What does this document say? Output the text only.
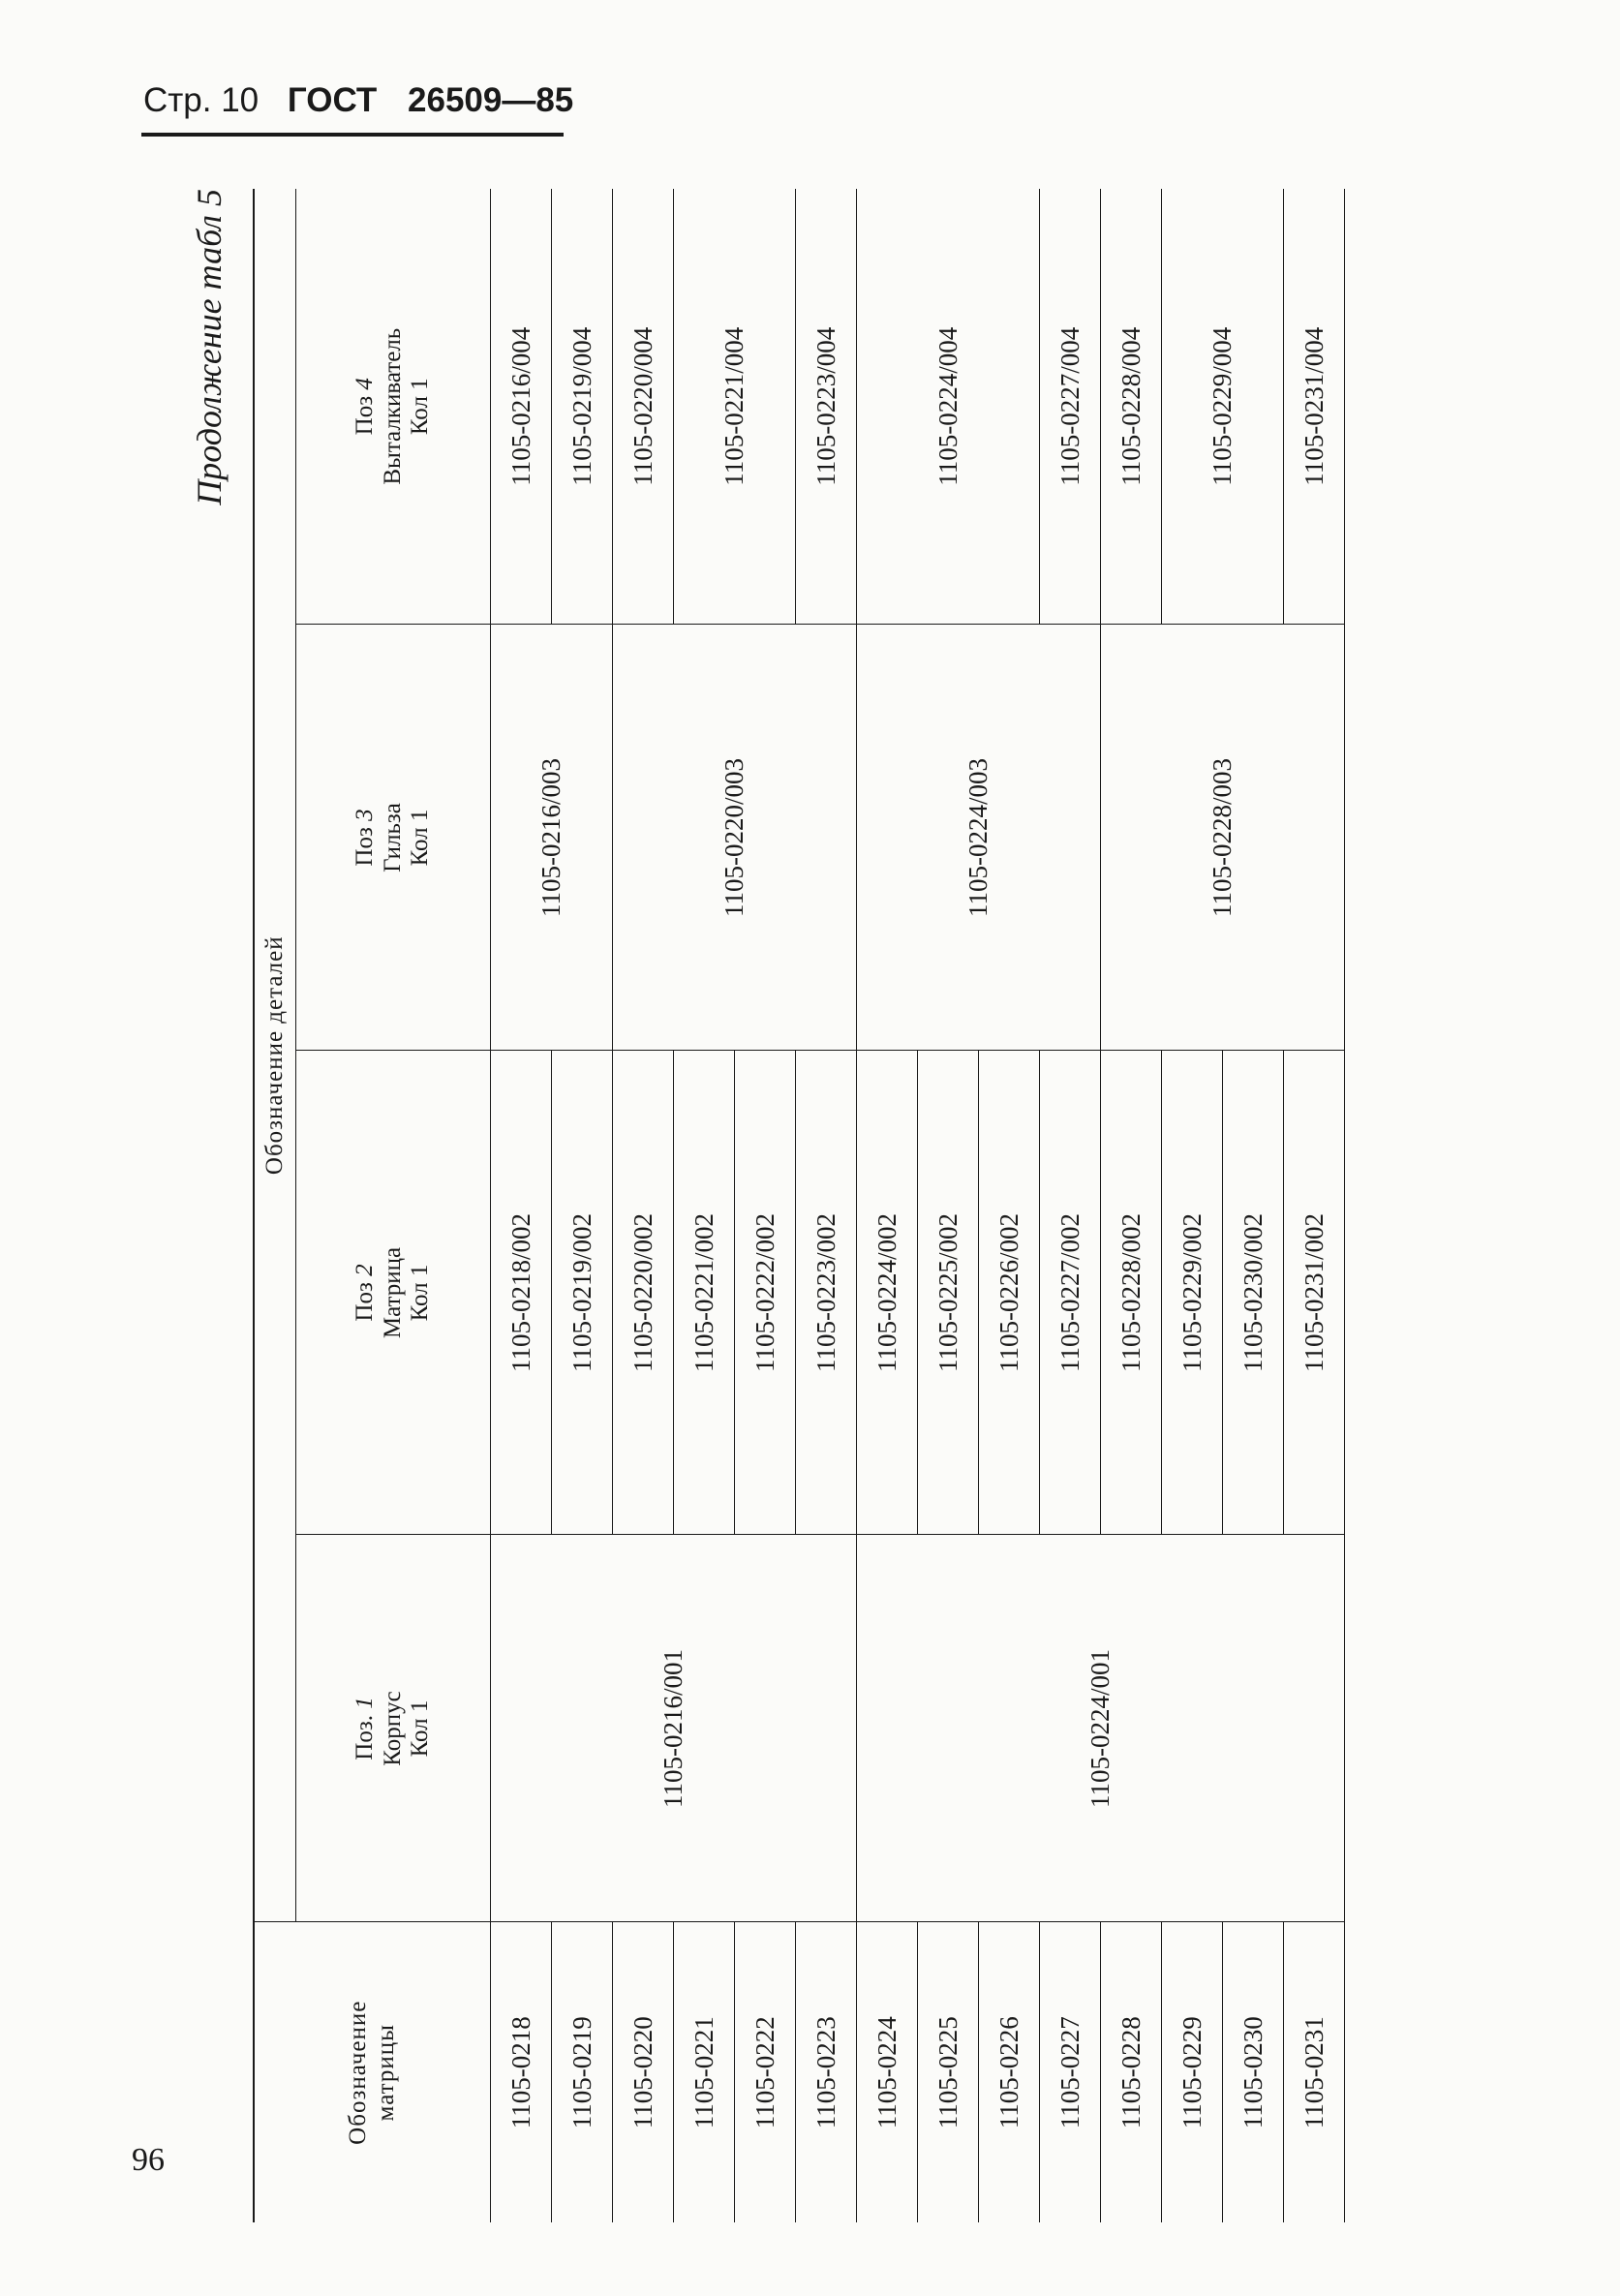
Стр. 10 ГОСТ 26509—85
Продолжение табл 5
Обозначение матрицы	Обозначение деталей			

	Поз. 1 Корпус Кол 1	Поз 2 Матрица Кол 1	Поз 3 Гильза Кол 1	Поз 4 Выталкиватель Кол 1

1105-0218	1105-0216/001	1105-0218/002	1105-0216/003	1105-0216/004
1105-0219		1105-0219/002		1105-0219/004
1105-0220		1105-0220/002	1105-0220/003	1105-0220/004
1105-0221		1105-0221/002		1105-0221/004
1105-0222		1105-0222/002		
1105-0223		1105-0223/002		1105-0223/004
1105-0224	1105-0224/001	1105-0224/002	1105-0224/003	1105-0224/004
1105-0225		1105-0225/002		
1105-0226		1105-0226/002		
1105-0227		1105-0227/002		1105-0227/004
1105-0228		1105-0228/002	1105-0228/003	1105-0228/004
1105-0229		1105-0229/002		1105-0229/004
1105-0230		1105-0230/002		
1105-0231		1105-0231/002		1105-0231/004
96
